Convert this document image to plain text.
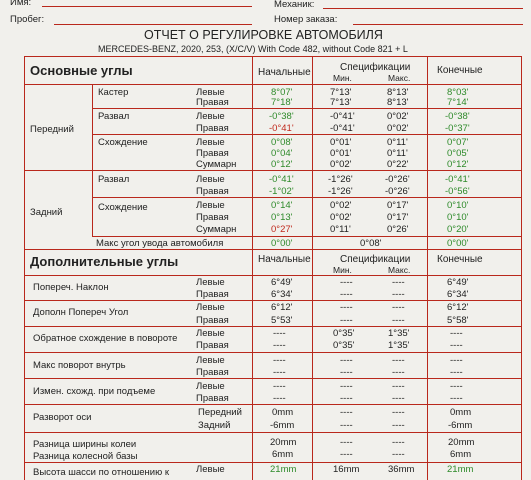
Имя:	Механик:
Пробег:	Номер заказа:
ОТЧЕТ О РЕГУЛИРОВКЕ АВТОМОБИЛЯ
MERCEDES-BENZ, 2020, 253, (X/C/V) With Code 482, without Code 821 + L
Основные углы	Начальные	Спецификации
Мин.	Макс.
Конечные
Передний
Кастер	Левые	8°07'	7°13'	8°13'	8°03'
Правая	7°18'	7°13'	8°13'	7°14'
Развал	Левые	-0°38'	-0°41'	0°02'	-0°38'
Правая	-0°41'	-0°41'	0°02'	-0°37'
Схождение	Левые	0°08'	0°01'	0°11'	0°07'
Правая	0°04'	0°01'	0°11'	0°05'
Суммарн	0°12'	0°02'	0°22'	0°12'
Задний
Развал	Левые	-0°41'	-1°26'	-0°26'	-0°41'
Правая	-1°02'	-1°26'	-0°26'	-0°56'
Схождение	Левые	0°14'	0°02'	0°17'	0°10'
Правая	0°13'	0°02'	0°17'	0°10'
Суммарн	0°27'	0°11'	0°26'	0°20'
Макс угол увода автомобиля	0°00'	0°08'	0°00'
Дополнительные углы	Начальные	Спецификации
Мин.	Макс.
Конечные
Попереч. Наклон	Левые	6°49'	----	----	6°49'
Правая	6°34'	----	----	6°34'
Дополн Попереч Угол	Левые	6°12'	----	----	6°12'
Правая	5°53'	----	----	5°58'
Обратное схождение в повороте Левые	----	0°35'	1°35'	----
Правая	----	0°35'	1°35'	----
Макс поворот внутрь	Левые	----	----	----	----
Правая	----	----	----	----
Измен. схожд. при подъеме	Левые	----	----	----	----
Правая	----	----	----	----
Разворот оси	Передний	0mm	----	----	0mm
Задний	-6mm	----	----	-6mm
Разница ширины колеи	20mm	----	----	20mm
Разница колесной базы	6mm	----	----	6mm
Высота шасси по отношению к	Левые	21mm	16mm	36mm	21mm
